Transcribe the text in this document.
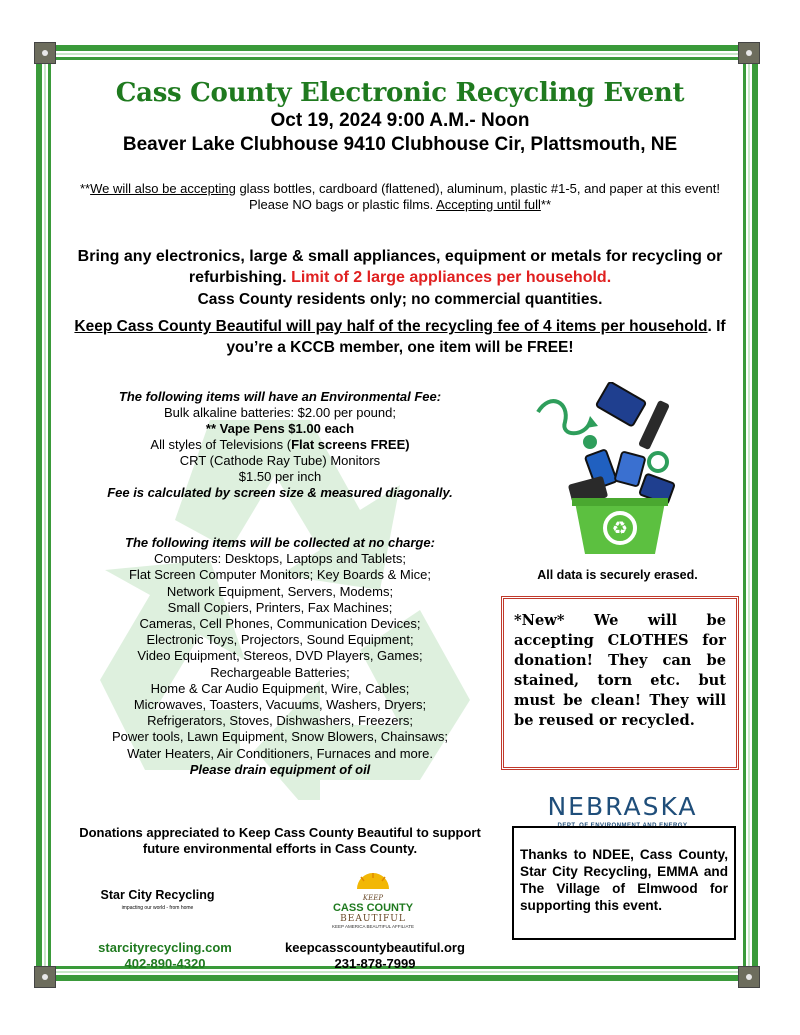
Cass County Electronic Recycling Event
Oct 19, 2024 9:00 A.M.- Noon
Beaver Lake Clubhouse 9410 Clubhouse Cir, Plattsmouth, NE
**We will also be accepting glass bottles, cardboard (flattened), aluminum, plastic #1-5, and paper at this event! Please NO bags or plastic films. Accepting until full**
Bring any electronics, large & small appliances, equipment or metals for recycling or refurbishing. Limit of 2 large appliances per household.
Cass County residents only; no commercial quantities.
Keep Cass County Beautiful will pay half of the recycling fee of 4 items per household. If you’re a KCCB member, one item will be FREE!
The following items will have an Environmental Fee:
Bulk alkaline batteries: $2.00 per pound;
** Vape Pens $1.00 each
All styles of Televisions (Flat screens FREE)
CRT (Cathode Ray Tube) Monitors
$1.50 per inch
Fee is calculated by screen size & measured diagonally.
The following items will be collected at no charge:
Computers: Desktops, Laptops and Tablets;
Flat Screen Computer Monitors; Key Boards & Mice;
Network Equipment, Servers, Modems;
Small Copiers, Printers, Fax Machines;
Cameras, Cell Phones, Communication Devices;
Electronic Toys, Projectors, Sound Equipment;
Video Equipment, Stereos, DVD Players, Games;
Rechargeable Batteries;
Home & Car Audio Equipment, Wire, Cables;
Microwaves, Toasters, Vacuums, Washers, Dryers;
Refrigerators, Stoves, Dishwashers, Freezers;
Power tools, Lawn Equipment, Snow Blowers, Chainsaws;
Water Heaters, Air Conditioners, Furnaces and more.
Please drain equipment of oil
♻
All data is securely erased.
*New* We will be accepting CLOTHES for donation! They can be stained, torn etc. but must be clean! They will be reused or recycled.
NEBRASKA
DEPT. OF ENVIRONMENT AND ENERGY
Thanks to NDEE, Cass County, Star City Recycling, EMMA and The Village of Elmwood for supporting this event.
Donations appreciated to Keep Cass County Beautiful to support future environmental efforts in Cass County.
Star City Recycling
impacting our world - from home
starcityrecycling.com
402-890-4320
KEEP
CASS COUNTY
BEAUTIFUL
KEEP AMERICA BEAUTIFUL AFFILIATE
keepcasscountybeautiful.org
231-878-7999
